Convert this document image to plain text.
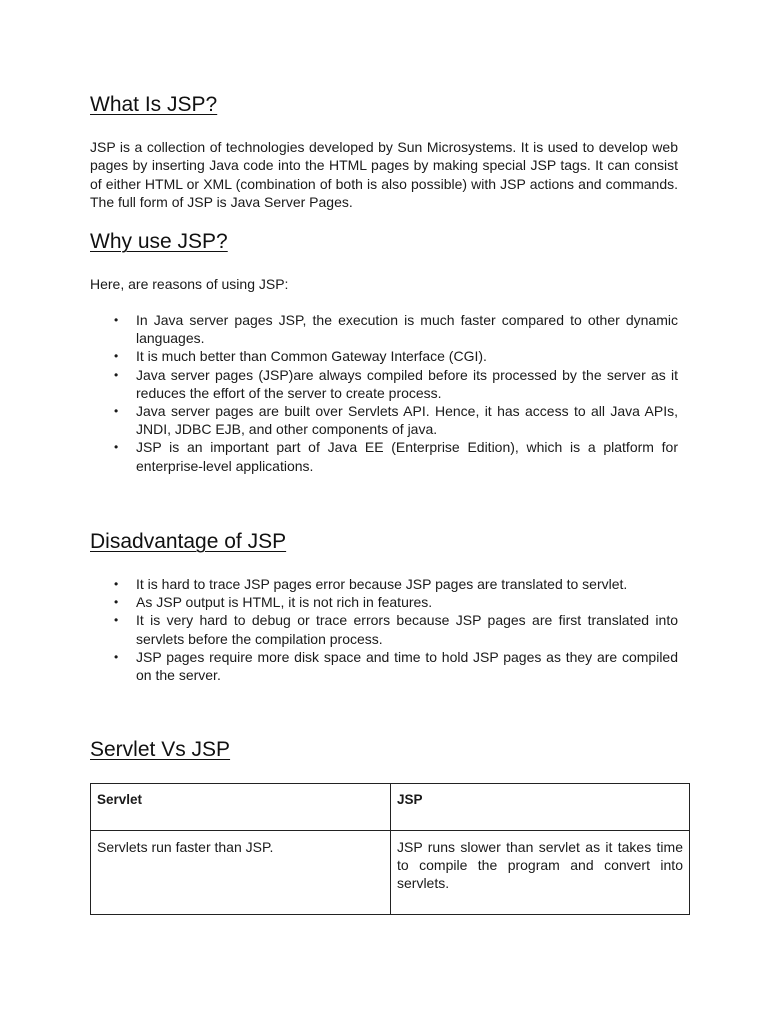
What Is JSP?

JSP is a collection of technologies developed by Sun Microsystems. It is used to develop web pages by inserting Java code into the HTML pages by making special JSP tags. It can consist of either HTML or XML (combination of both is also possible) with JSP actions and commands. The full form of JSP is Java Server Pages.

Why use JSP?

Here, are reasons of using JSP:

• In Java server pages JSP, the execution is much faster compared to other dynamic languages.
• It is much better than Common Gateway Interface (CGI).
• Java server pages (JSP)are always compiled before its processed by the server as it reduces the effort of the server to create process.
• Java server pages are built over Servlets API. Hence, it has access to all Java APIs, JNDI, JDBC EJB, and other components of java.
• JSP is an important part of Java EE (Enterprise Edition), which is a platform for enterprise-level applications.
Disadvantage of JSP
• It is hard to trace JSP pages error because JSP pages are translated to servlet.
• As JSP output is HTML, it is not rich in features.
• It is very hard to debug or trace errors because JSP pages are first translated into servlets before the compilation process.
• JSP pages require more disk space and time to hold JSP pages as they are compiled on the server.
Servlet Vs JSP
Servlet	JSP
Servlets run faster than JSP.	JSP runs slower than servlet as it takes time to compile the program and convert into servlets.
